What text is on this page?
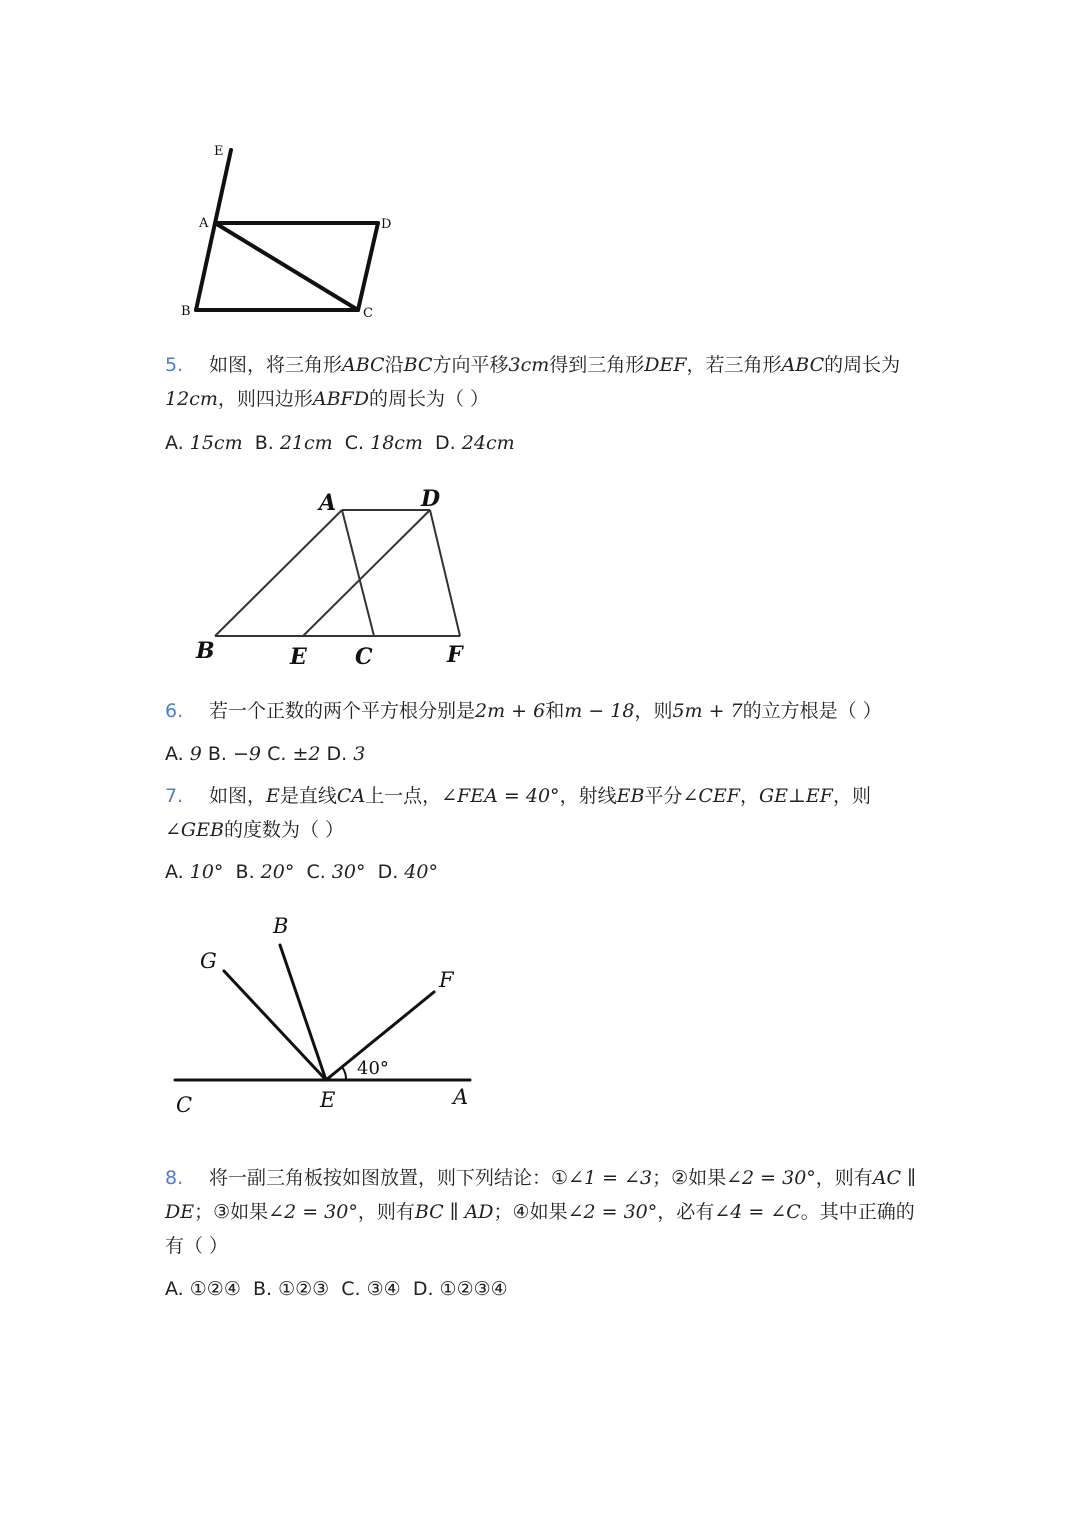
E
A	D
B	C
5. 如图，将三角形ABC沿BC方向平移3cm得到三角形DEF，若三角形ABC的周长为12cm，则四边形ABFD的周长为（ ）
A. 15cm B. 21cm C. 18cm D. 24cm
A	D
B	E C	F
6. 若一个正数的两个平方根分别是2m + 6和m − 18，则5m + 7的立方根是（ ）
A. 9 B. −9 C. ±2 D. 3
7. 如图，E是直线CA上一点，∠FEA = 40°，射线EB平分∠CEF，GE⊥EF，则∠GEB的度数为（ ）
A. 10° B. 20° C. 30° D. 40°
G
B
F
C	E	A
40°
8. 将一副三角板按如图放置，则下列结论：①∠1 = ∠3；②如果∠2 = 30°，则有AC ∥ DE；③如果∠2 = 30°，则有BC ∥ AD；④如果∠2 = 30°，必有∠4 = ∠C。其中正确的有（ ）
A. ①②④ B. ①②③ C. ③④ D. ①②③④
